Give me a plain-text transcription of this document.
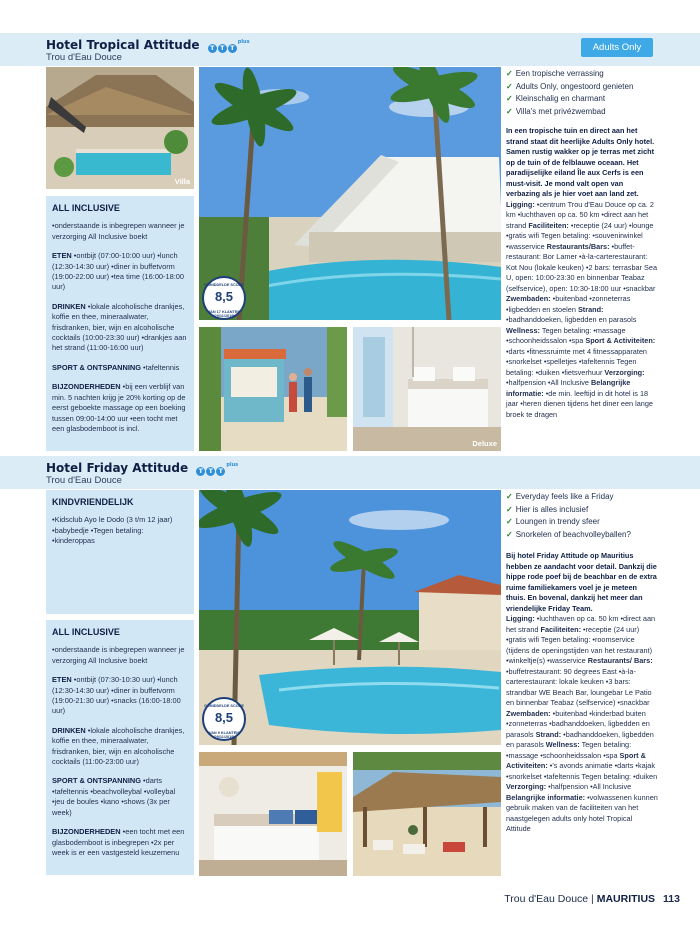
Hotel Tropical Attitude T T $T^{plus}$
Trou d'Eau Douce
Adults Only
Villa
GEMIDDELDE SCORE
8,5
VAN 17 KLANTEN (29/11/2019)
Deluxe
ALL INCLUSIVE

•onderstaande is inbegrepen wanneer je verzorging All Inclusive boekt

ETEN •ontbijt (07:00-10:00 uur) •lunch (12:30-14:30 uur) •diner in buffetvorm (19:00-22:00 uur) •tea time (16:00-18:00 uur)

DRINKEN •lokale alcoholische drankjes, koffie en thee, mineraalwater, frisdranken, bier, wijn en alcoholische cocktails (10:00-23:30 uur) •drankjes aan het strand (11:00-16:00 uur)

SPORT & ONTSPANNING •tafeltennis

BIJZONDERHEDEN •bij een verblijf van min. 5 nachten krijg je 20% korting op de eerst geboekte massage op een boeking tussen 09:00-14:00 uur •een tocht met een glasbodemboot is incl.

✓ Een tropische verrassing
✓ Adults Only, ongestoord genieten
✓ Kleinschalig en charmant
✓ Villa's met privézwembad
In een tropische tuin en direct aan het strand staat dit heerlijke Adults Only hotel. Samen rustig wakker op je terras met zicht op de tuin of de felblauwe oceaan. Het paradijselijke eiland Île aux Cerfs is een must-visit. Je mond valt open van verbazing als je hier voet aan land zet.
Ligging: •centrum Trou d'Eau Douce op ca. 2 km •luchthaven op ca. 50 km •direct aan het strand Faciliteiten: •receptie (24 uur) •lounge •gratis wifi Tegen betaling: •souvenirwinkel •wasservice Restaurants/Bars: •buffet-restaurant: Bor Lamer •à-la-carterestaurant: Kot Nou (lokale keuken) •2 bars: terrasbar Sea U, open: 10:00-23:30 en binnenbar Teabaz (selfservice), open: 10:30-18:00 uur •snackbar Zwembaden: •buitenbad •zonneterras •ligbedden en stoelen Strand: •badhanddoeken, ligbedden en parasols Wellness: Tegen betaling: •massage •schoonheidssalon •spa Sport & Activiteiten: •darts •fitnessruimte met 4 fitnessapparaten •snorkelset •spelletjes •tafeltennis Tegen betaling: •duiken •fietsverhuur Verzorging: •halfpension •All Inclusive Belangrijke informatie: •de min. leeftijd in dit hotel is 18 jaar •heren dienen tijdens het diner een lange broek te dragen
Hotel Friday Attitude T T $T^{plus}$
Trou d'Eau Douce
KINDVRIENDELIJK

•Kidsclub Ayo le Dodo (3 t/m 12 jaar) •babybedje •Tegen betaling: •kinderoppas

ALL INCLUSIVE

•onderstaande is inbegrepen wanneer je verzorging All Inclusive boekt

ETEN •ontbijt (07:30-10:30 uur) •lunch (12:30-14:30 uur) •diner in buffetvorm (19:00-21:30 uur) •snacks (16:00-18:00 uur)

DRINKEN •lokale alcoholische drankjes, koffie en thee, mineraalwater, frisdranken, bier, wijn en alcoholische cocktails (11:00-23:00 uur)

SPORT & ONTSPANNING •darts •tafeltennis •beachvolleybal •volleybal •jeu de boules •kano •shows (3x per week)

BIJZONDERHEDEN •een tocht met een glasbodemboot is inbegrepen •2x per week is er een vastgesteld keuzemenu

GEMIDDELDE SCORE
8,5
VAN 9 KLANTEN (29/11/2019)
✓ Everyday feels like a Friday
✓ Hier is alles inclusief
✓ Loungen in trendy sfeer
✓ Snorkelen of beachvolleyballen?
Bij hotel Friday Attitude op Mauritius hebben ze aandacht voor detail. Dankzij die hippe rode poef bij de beachbar en de extra ruime familiekamers voel je je meteen thuis. En bovenal, dankzij het meer dan vriendelijke Friday Team.
Ligging: •luchthaven op ca. 50 km •direct aan het strand Faciliteiten: •receptie (24 uur) •gratis wifi Tegen betaling: •roomservice (tijdens de openingstijden van het restaurant) •winkeltje(s) •wasservice Restaurants/ Bars: •buffetrestaurant: 90 degrees East •à-la-carterestaurant: lokale keuken •3 bars: strandbar WE Beach Bar, loungebar Le Patio en binnenbar Teabaz (selfservice) •snackbar Zwembaden: •buitenbad •kinderbad buiten •zonneterras •badhanddoeken, ligbedden en parasols Strand: •badhanddoeken, ligbedden en parasols Wellness: Tegen betaling: •massage •schoonheidssalon •spa Sport & Activiteiten: •'s avonds animatie •darts •kajak •snorkelset •tafeltennis Tegen betaling: •duiken Verzorging: •halfpension •All Inclusive Belangrijke informatie: •volwassenen kunnen gebruik maken van de faciliteiten van het naastgelegen adults only hotel Tropical Attitude
Trou d'Eau Douce | MAURITIUS 113
